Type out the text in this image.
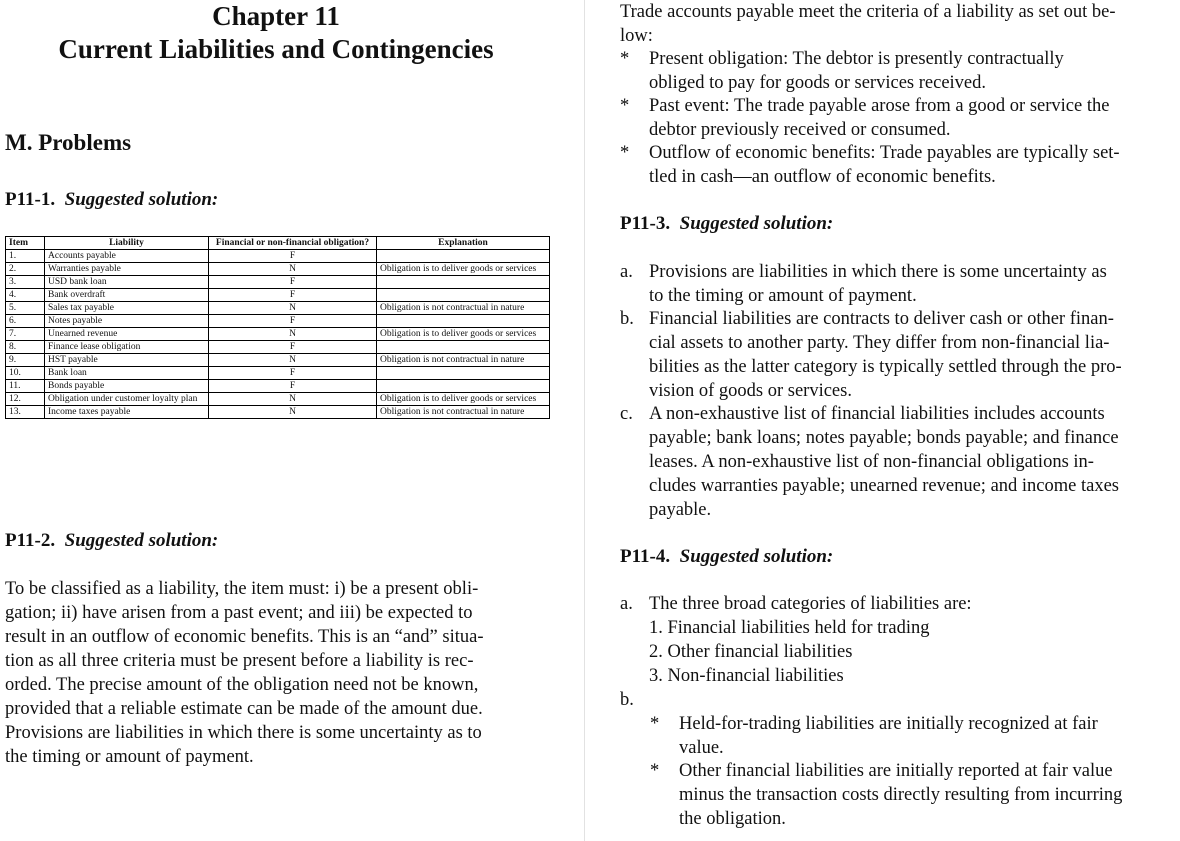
Chapter 11
Current Liabilities and Contingencies
M. Problems
P11-1. Suggested solution:
Item	Liability	Financial or non-financial obligation?	Explanation
1.	Accounts payable	F	
2.	Warranties payable	N	Obligation is to deliver goods or services
3.	USD bank loan	F	
4.	Bank overdraft	F	
5.	Sales tax payable	N	Obligation is not contractual in nature
6.	Notes payable	F	
7.	Unearned revenue	N	Obligation is to deliver goods or services
8.	Finance lease obligation	F	
9.	HST payable	N	Obligation is not contractual in nature
10.	Bank loan	F	
11.	Bonds payable	F	
12.	Obligation under customer loyalty plan	N	Obligation is to deliver goods or services
13.	Income taxes payable	N	Obligation is not contractual in nature
P11-2. Suggested solution:
To be classified as a liability, the item must: i) be a present obli-
gation; ii) have arisen from a past event; and iii) be expected to
result in an outflow of economic benefits. This is an “and” situa-
tion as all three criteria must be present before a liability is rec-
orded. The precise amount of the obligation need not be known,
provided that a reliable estimate can be made of the amount due.
Provisions are liabilities in which there is some uncertainty as to
the timing or amount of payment.
Trade accounts payable meet the criteria of a liability as set out be-
low:
* Present obligation: The debtor is presently contractually
obliged to pay for goods or services received.
* Past event: The trade payable arose from a good or service the
debtor previously received or consumed.
* Outflow of economic benefits: Trade payables are typically set-
tled in cash—an outflow of economic benefits.
P11-3. Suggested solution:
a. Provisions are liabilities in which there is some uncertainty as
to the timing or amount of payment.
b. Financial liabilities are contracts to deliver cash or other finan-
cial assets to another party. They differ from non-financial lia-
bilities as the latter category is typically settled through the pro-
vision of goods or services.
c. A non-exhaustive list of financial liabilities includes accounts
payable; bank loans; notes payable; bonds payable; and finance
leases. A non-exhaustive list of non-financial obligations in-
cludes warranties payable; unearned revenue; and income taxes
payable.
P11-4. Suggested solution:
a. The three broad categories of liabilities are:
1. Financial liabilities held for trading
2. Other financial liabilities
3. Non-financial liabilities
b.
* Held-for-trading liabilities are initially recognized at fair
value.
* Other financial liabilities are initially reported at fair value
minus the transaction costs directly resulting from incurring
the obligation.
